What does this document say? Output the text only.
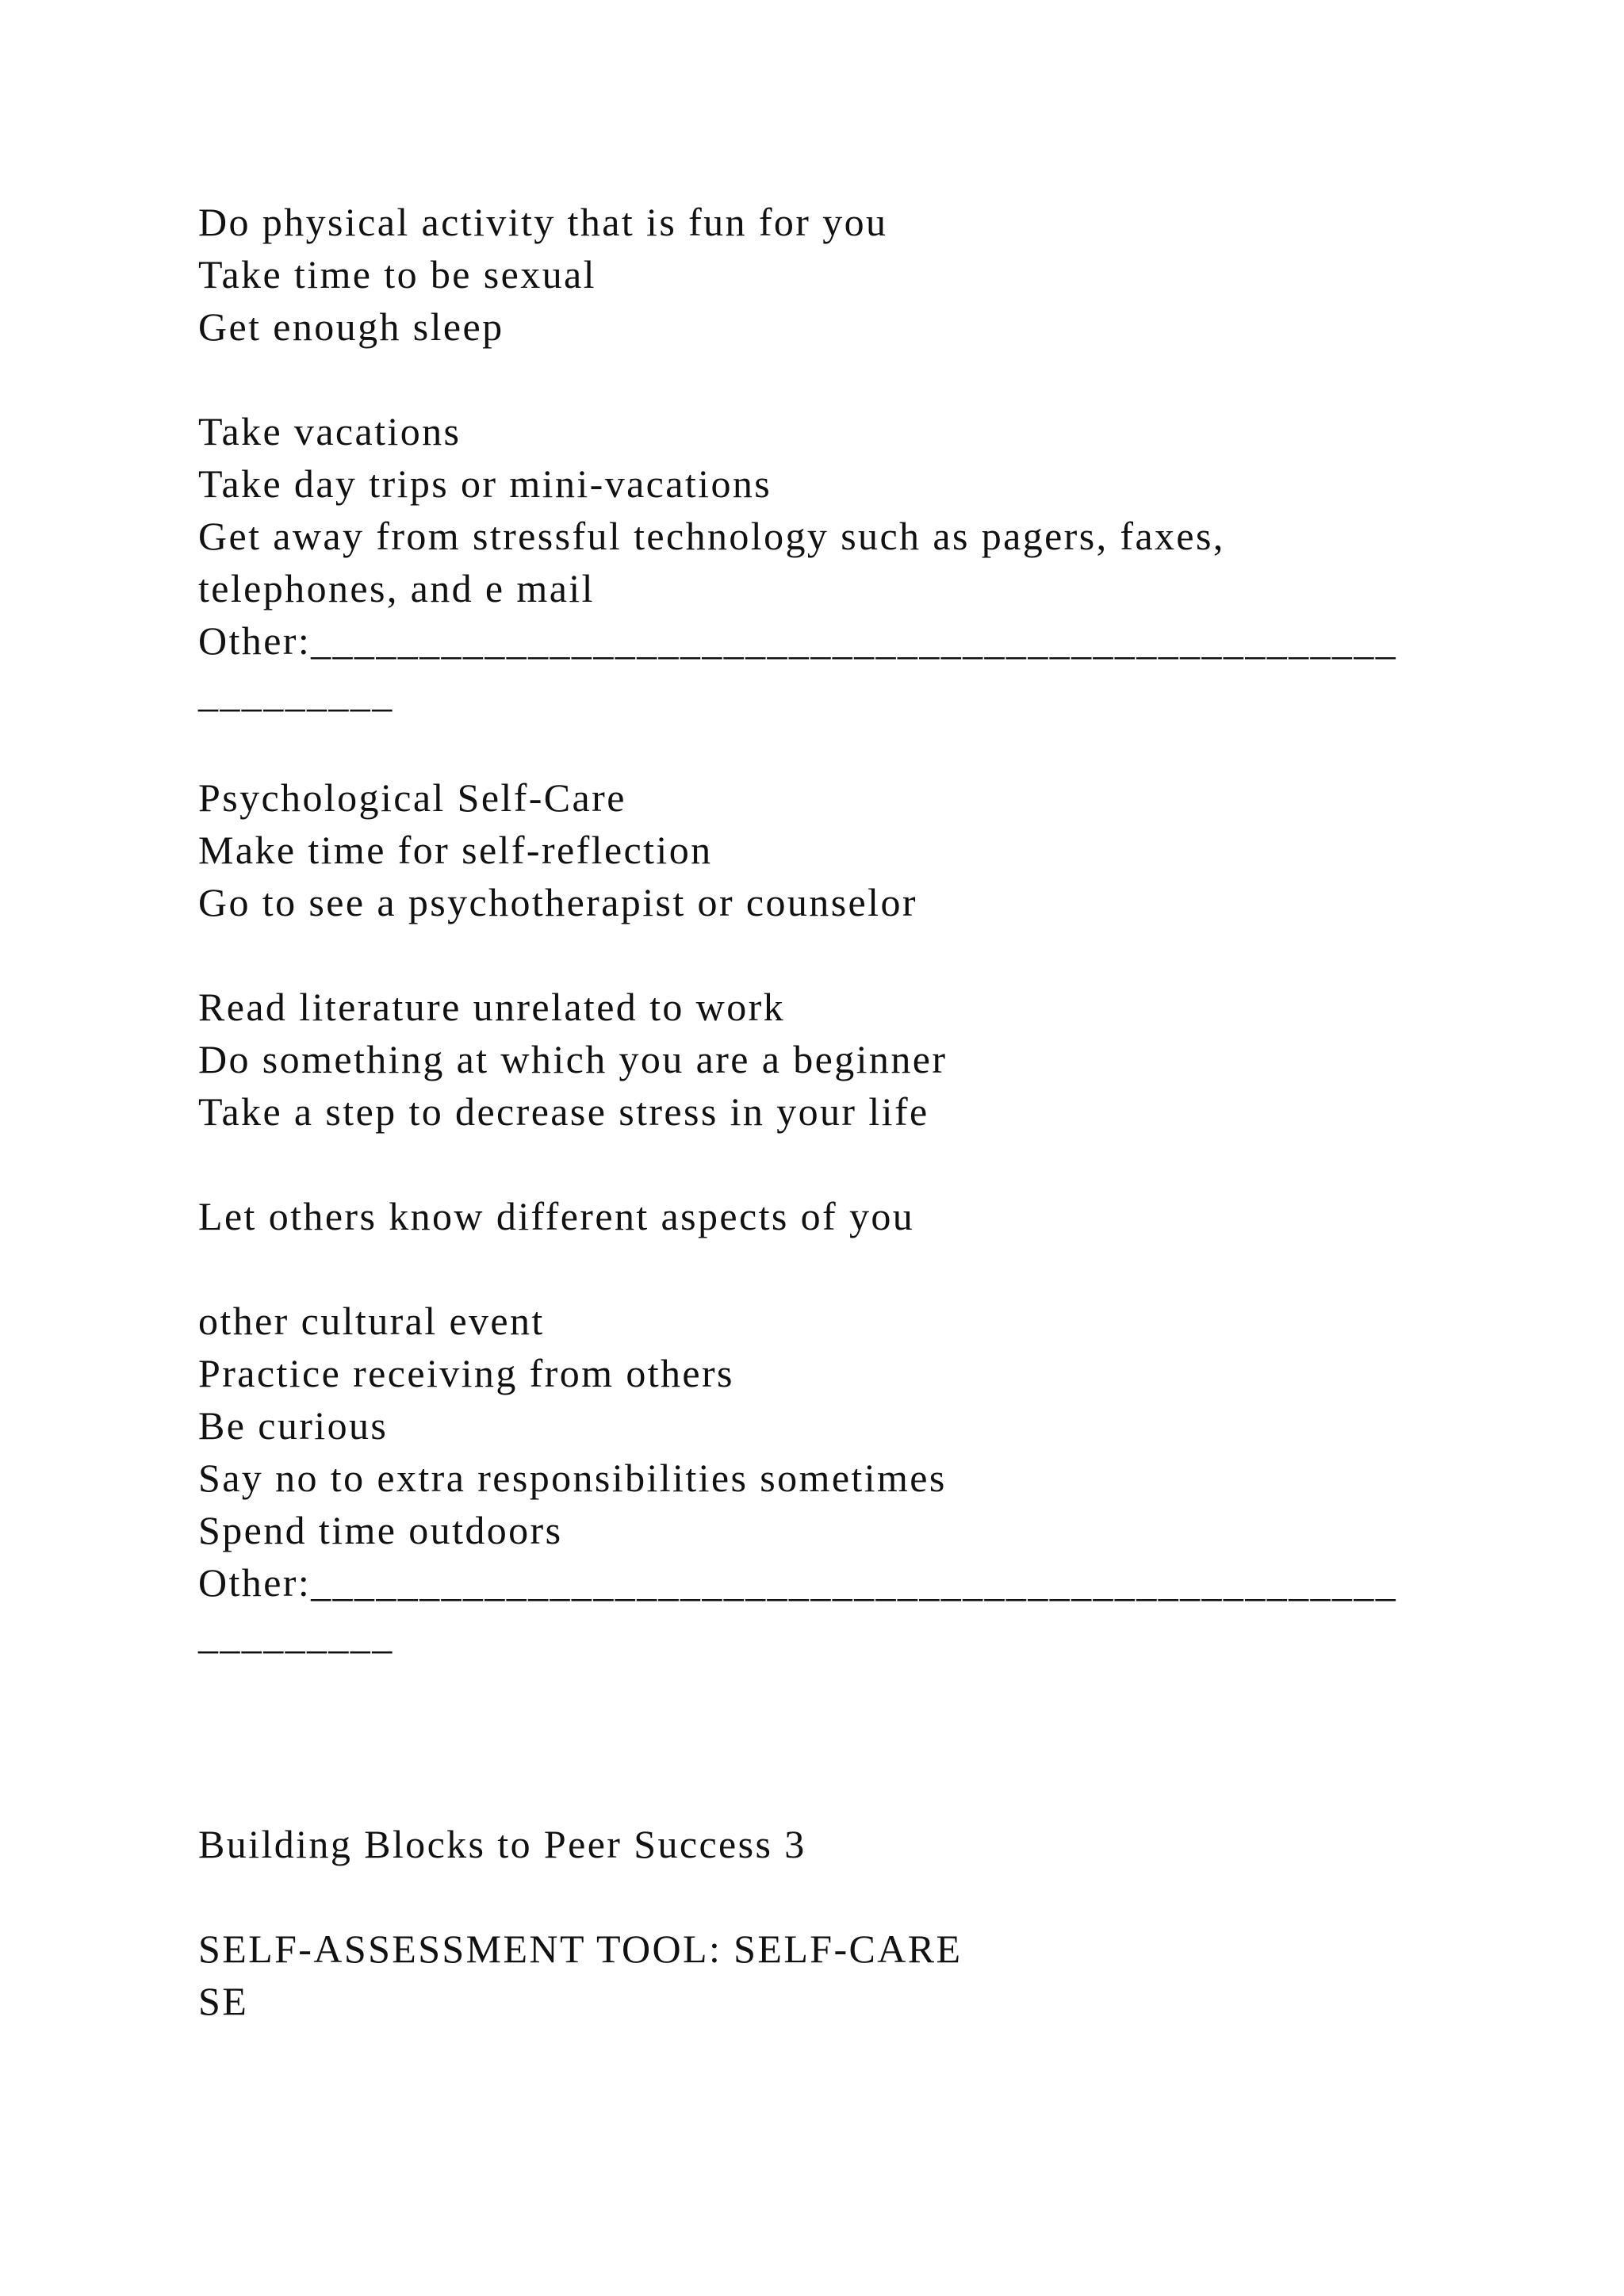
Do physical activity that is fun for you

Take time to be sexual

Get enough sleep

Take vacations

Take day trips or mini-vacations

Get away from stressful technology such as pagers, faxes,

telephones, and e mail

Other:__________________________________________________

_________

Psychological Self-Care

Make time for self-reflection

Go to see a psychotherapist or counselor

Read literature unrelated to work

Do something at which you are a beginner

Take a step to decrease stress in your life

Let others know different aspects of you

other cultural event

Practice receiving from others

Be curious

Say no to extra responsibilities sometimes

Spend time outdoors

Other:__________________________________________________

_________

Building Blocks to Peer Success 3

SELF-ASSESSMENT TOOL: SELF-CARE

SE
